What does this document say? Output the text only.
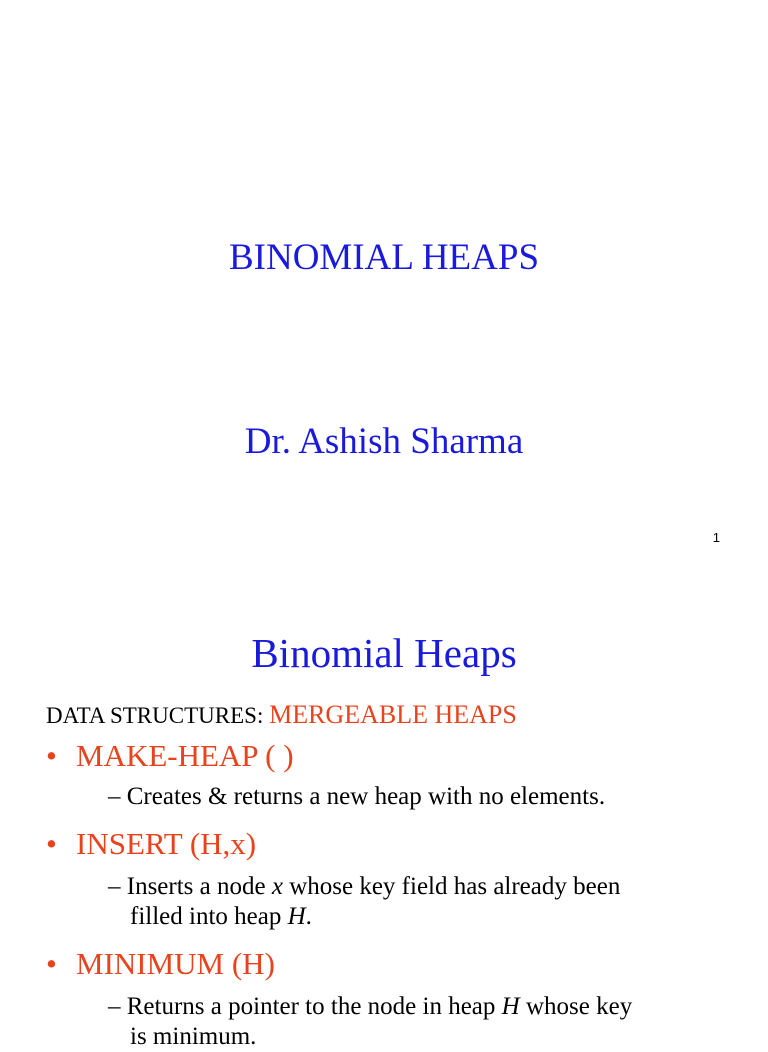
BINOMIAL HEAPS
Dr. Ashish Sharma
1
Binomial Heaps
DATA STRUCTURES: MERGEABLE HEAPS
• MAKE-HEAP ( )
– Creates & returns a new heap with no elements.
• INSERT (H,x)
– Inserts a node x whose key field has already been
filled into heap H.
• MINIMUM (H)
– Returns a pointer to the node in heap H whose key
is minimum.
